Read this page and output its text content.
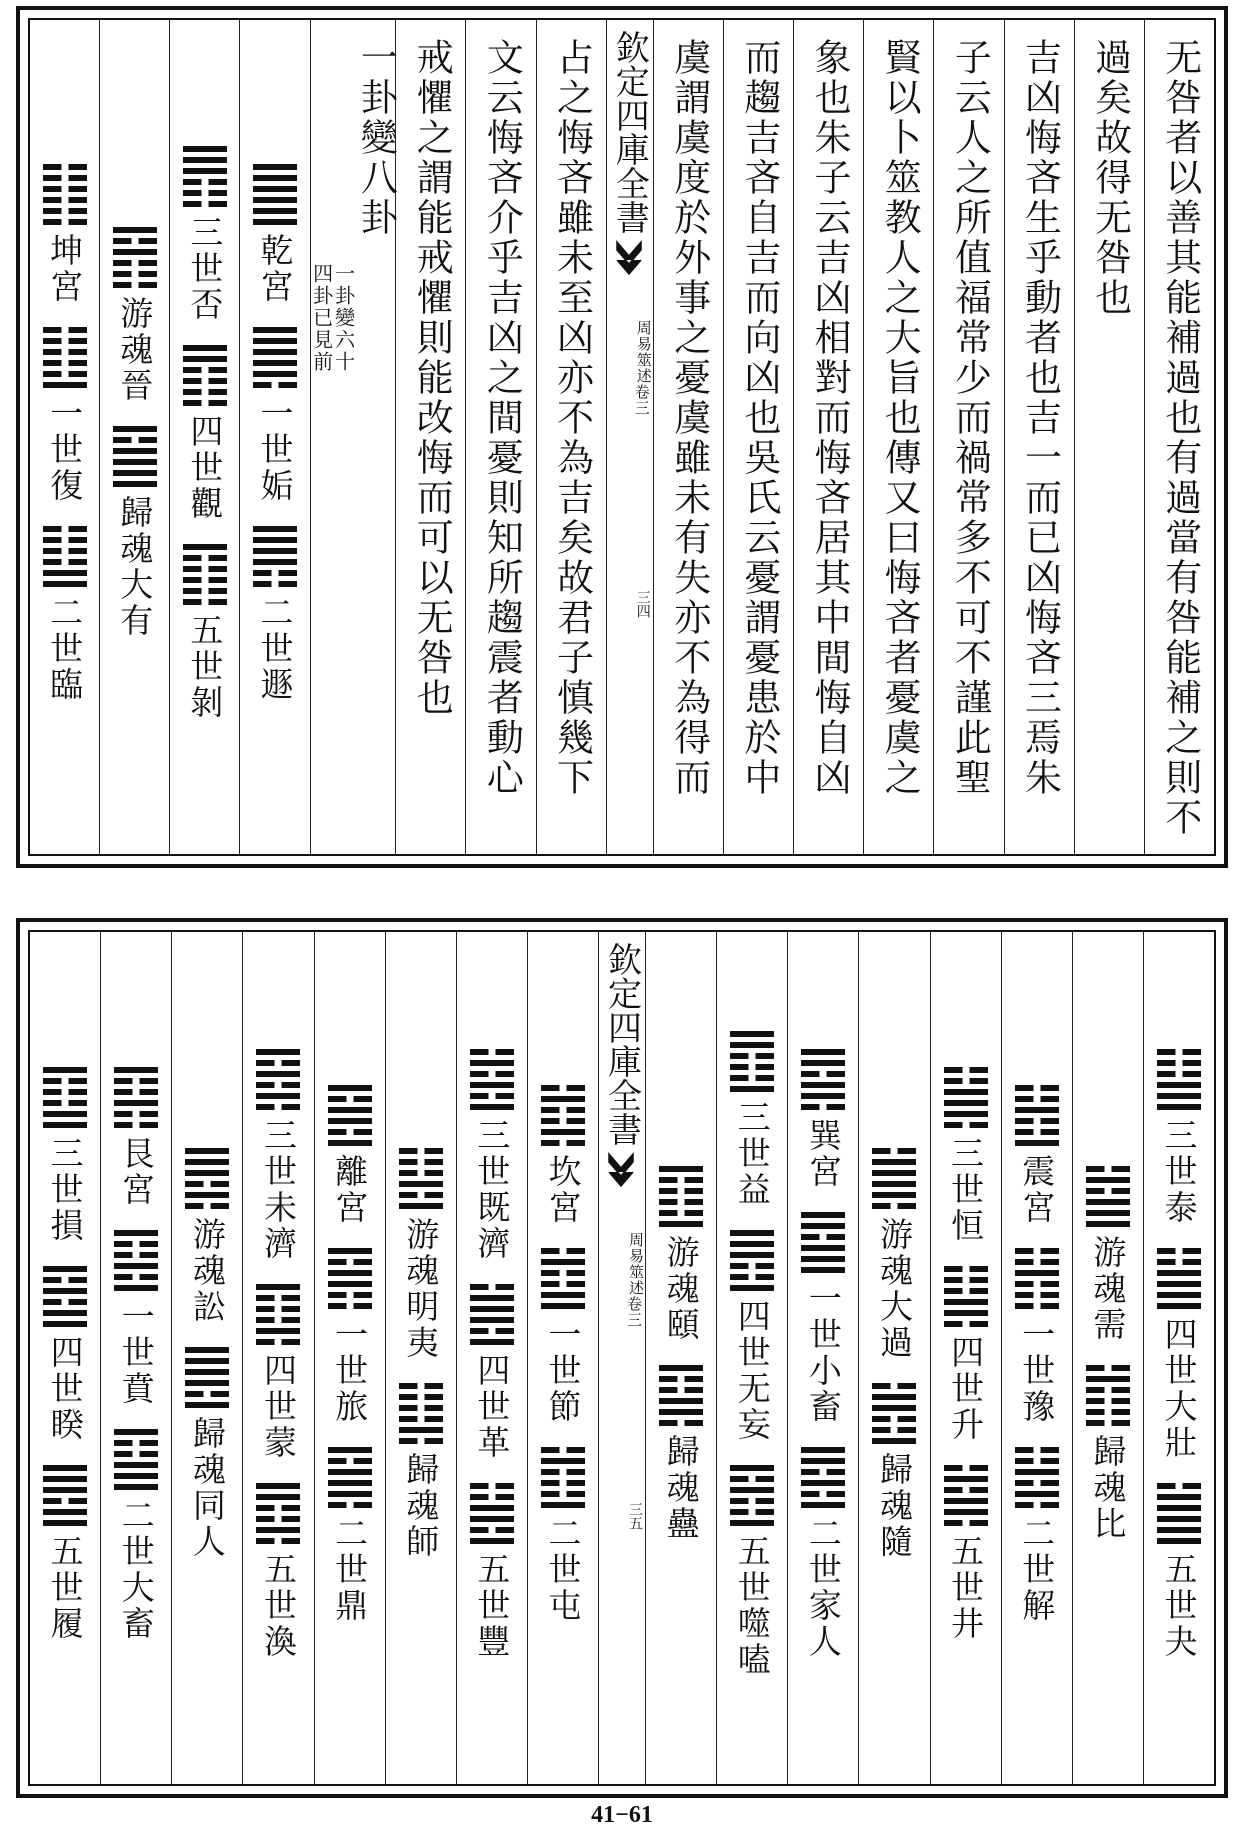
坤宮
一世復
二世臨
游魂晉
歸魂大有
三世否
四世觀
五世剝
乾宮
一世姤
二世遯
一卦變八卦
一卦變六十
四卦已見前	戒懼之謂能戒懼則能改悔而可以无咎也 文云悔吝介乎吉凶之間憂則知所趨震者動心 占之悔吝雖未至凶亦不為吉矣故君子慎幾下 欽定四庫全書
周易筮述
卷三
三四 虞謂虞度於外事之憂虞雖未有失亦不為得而 而趨吉吝自吉而向凶也吳氏云憂謂憂患於中 象也朱子云吉凶相對而悔吝居其中間悔自凶 賢以卜筮教人之大旨也傳又曰悔吝者憂虞之 子云人之所值福常少而禍常多不可不謹此聖 吉凶悔吝生乎動者也吉一而已凶悔吝三焉朱 過矣故得无咎也 无咎者以善其能補過也有過當有咎能補之則不
三世損
四世睽
五世履
艮宮
一世賁
二世大畜
游魂訟
歸魂同人
三世未濟
四世蒙
五世渙
離宮
一世旅
二世鼎
游魂明夷
歸魂師
三世既濟
四世革
五世豐
坎宮
一世節
二世屯
欽定四庫全書
周易筮述
卷三
三五
游魂頤
歸魂蠱
三世益
四世无妄
五世噬嗑
巽宮
一世小畜
二世家人
游魂大過
歸魂隨
三世恒
四世升
五世井
震宮
一世豫
二世解
游魂需
歸魂比
三世泰
四世大壯
五世夬
41−61
